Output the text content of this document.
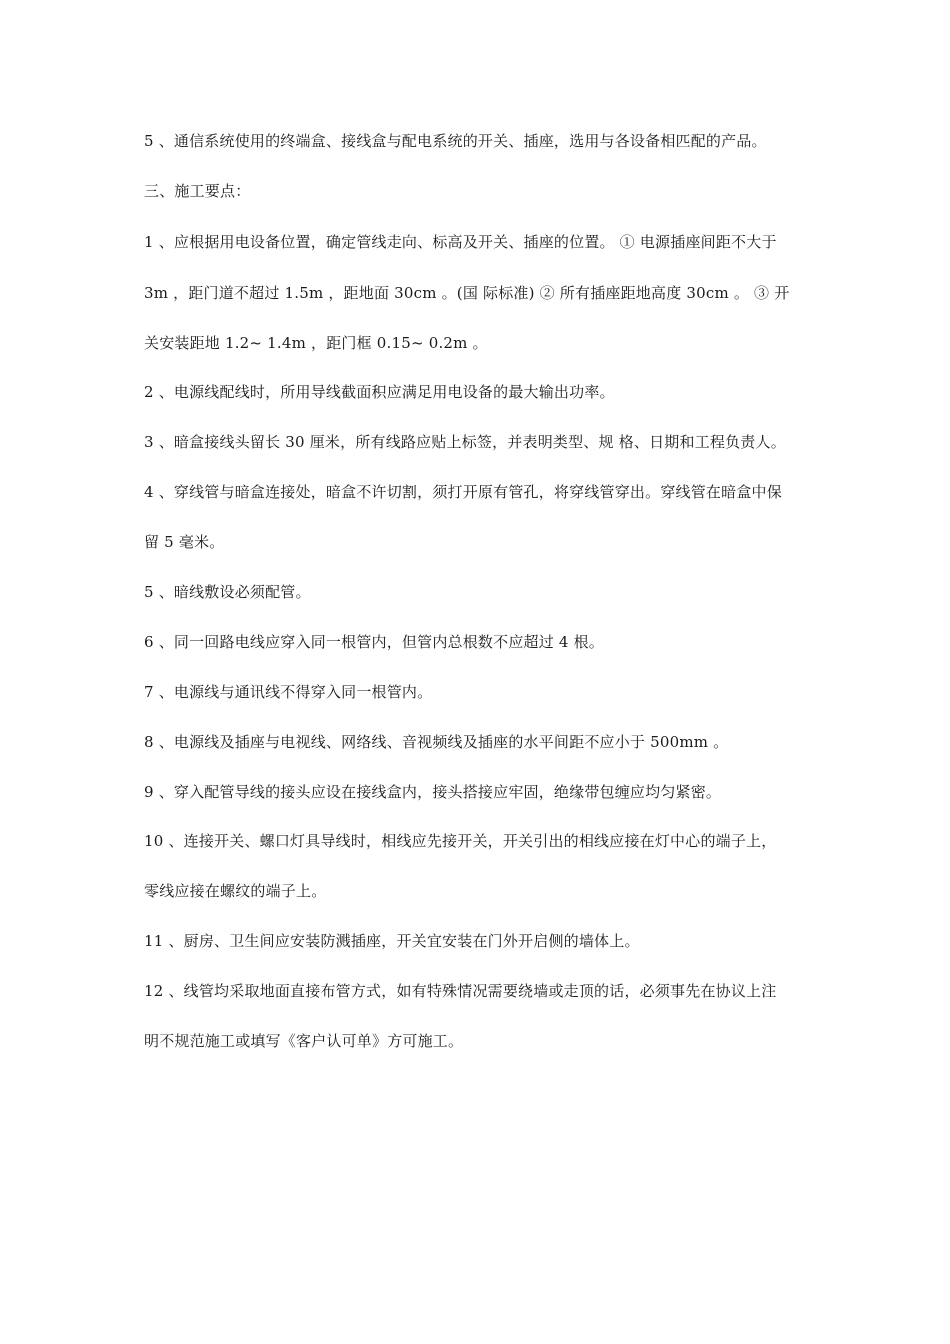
5 、通信系统使用的终端盒、接线盒与配电系统的开关、插座，选用与各设备相匹配的产品。
三、施工要点：
1 、应根据用电设备位置，确定管线走向、标高及开关、插座的位置。 ① 电源插座间距不大于
3m ，距门道不超过 1.5m ，距地面 30cm 。(国 际标准) ② 所有插座距地高度 30cm 。 ③ 开
关安装距地 1.2~ 1.4m ，距门框 0.15~ 0.2m 。
2 、电源线配线时，所用导线截面积应满足用电设备的最大输出功率。
3 、暗盒接线头留长 30 厘米，所有线路应贴上标签，并表明类型、规 格、日期和工程负责人。
4 、穿线管与暗盒连接处，暗盒不许切割，须打开原有管孔，将穿线管穿出。穿线管在暗盒中保
留 5 毫米。
5 、暗线敷设必须配管。
6 、同一回路电线应穿入同一根管内，但管内总根数不应超过 4 根。
7 、电源线与通讯线不得穿入同一根管内。
8 、电源线及插座与电视线、网络线、音视频线及插座的水平间距不应小于 500mm 。
9 、穿入配管导线的接头应设在接线盒内，接头搭接应牢固，绝缘带包缠应均匀紧密。
10 、连接开关、螺口灯具导线时，相线应先接开关，开关引出的相线应接在灯中心的端子上，
零线应接在螺纹的端子上。
11 、厨房、卫生间应安装防溅插座，开关宜安装在门外开启侧的墙体上。
12 、线管均采取地面直接布管方式，如有特殊情况需要绕墙或走顶的话，必须事先在协议上注
明不规范施工或填写《客户认可单》方可施工。
